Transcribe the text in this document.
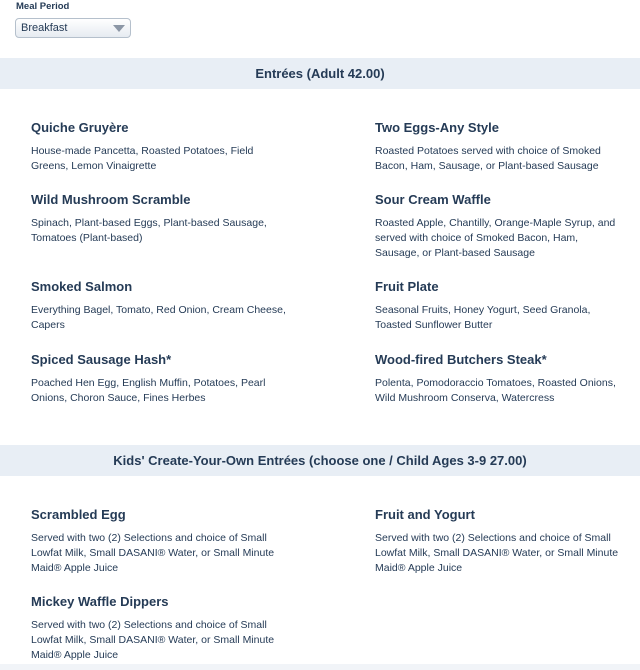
Meal Period
Breakfast
Entrées (Adult 42.00)
Quiche Gruyère
House-made Pancetta, Roasted Potatoes, Field Greens, Lemon Vinaigrette
Two Eggs-Any Style
Roasted Potatoes served with choice of Smoked Bacon, Ham, Sausage, or Plant-based Sausage
Wild Mushroom Scramble
Spinach, Plant-based Eggs, Plant-based Sausage, Tomatoes (Plant-based)
Sour Cream Waffle
Roasted Apple, Chantilly, Orange-Maple Syrup, and served with choice of Smoked Bacon, Ham, Sausage, or Plant-based Sausage
Smoked Salmon
Everything Bagel, Tomato, Red Onion, Cream Cheese, Capers
Fruit Plate
Seasonal Fruits, Honey Yogurt, Seed Granola, Toasted Sunflower Butter
Spiced Sausage Hash*
Poached Hen Egg, English Muffin, Potatoes, Pearl Onions, Choron Sauce, Fines Herbes
Wood-fired Butchers Steak*
Polenta, Pomodoraccio Tomatoes, Roasted Onions, Wild Mushroom Conserva, Watercress
Kids' Create-Your-Own Entrées (choose one / Child Ages 3-9 27.00)
Scrambled Egg
Served with two (2) Selections and choice of Small Lowfat Milk, Small DASANI® Water, or Small Minute Maid® Apple Juice
Fruit and Yogurt
Served with two (2) Selections and choice of Small Lowfat Milk, Small DASANI® Water, or Small Minute Maid® Apple Juice
Mickey Waffle Dippers
Served with two (2) Selections and choice of Small Lowfat Milk, Small DASANI® Water, or Small Minute Maid® Apple Juice
